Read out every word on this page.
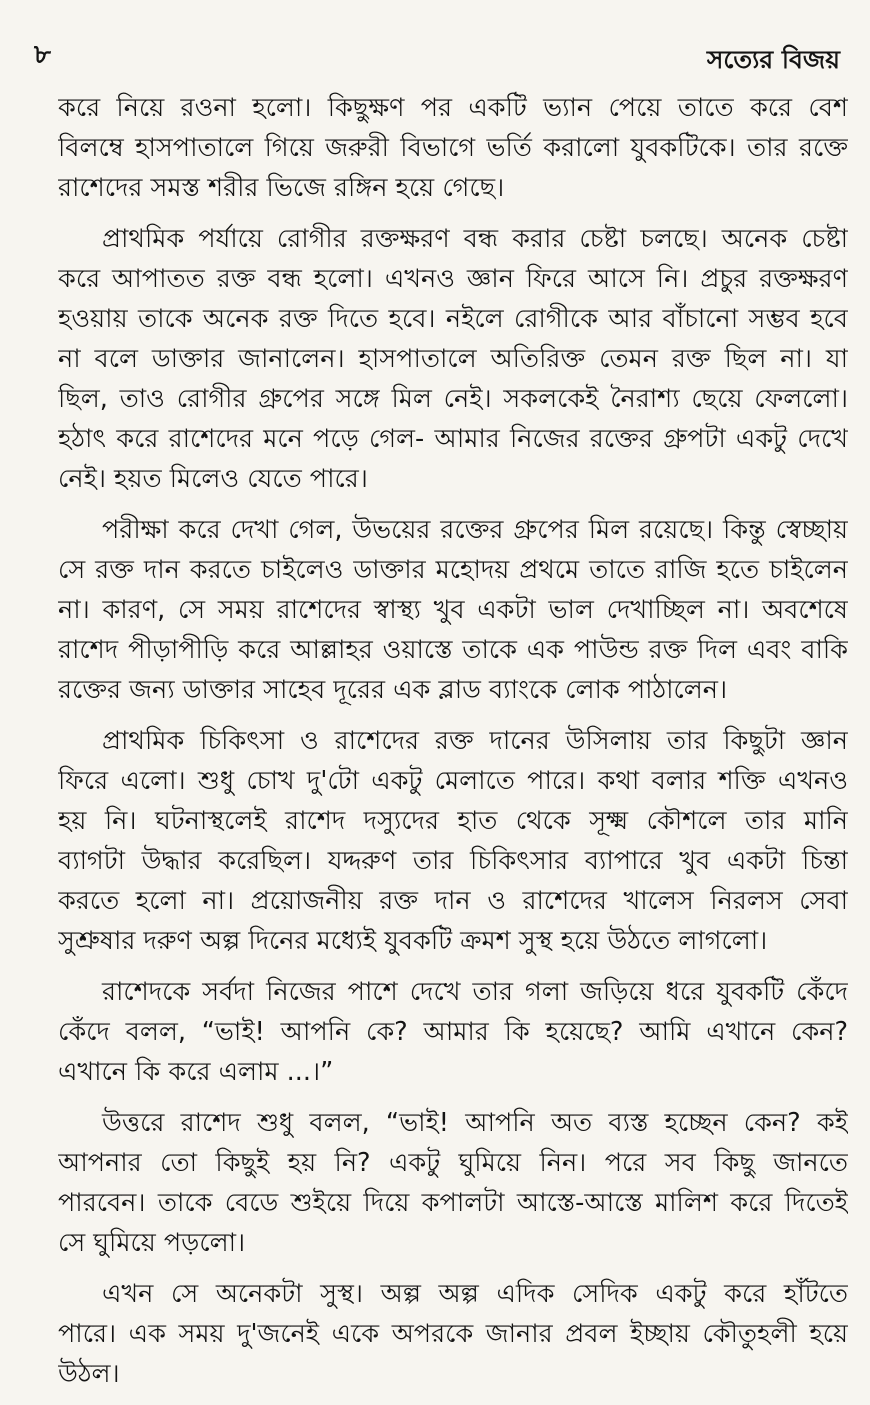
৮	সত্যের বিজয়
করে নিয়ে রওনা হলো। কিছুক্ষণ পর একটি ভ্যান পেয়ে তাতে করে বেশ
বিলম্বে হাসপাতালে গিয়ে জরুরী বিভাগে ভর্তি করালো যুবকটিকে। তার রক্তে
রাশেদের সমস্ত শরীর ভিজে রঙ্গিন হয়ে গেছে।
প্রাথমিক পর্যায়ে রোগীর রক্তক্ষরণ বন্ধ করার চেষ্টা চলছে। অনেক চেষ্টা
করে আপাতত রক্ত বন্ধ হলো। এখনও জ্ঞান ফিরে আসে নি। প্রচুর রক্তক্ষরণ
হওয়ায় তাকে অনেক রক্ত দিতে হবে। নইলে রোগীকে আর বাঁচানো সম্ভব হবে
না বলে ডাক্তার জানালেন। হাসপাতালে অতিরিক্ত তেমন রক্ত ছিল না। যা
ছিল, তাও রোগীর গ্রুপের সঙ্গে মিল নেই। সকলকেই নৈরাশ্য ছেয়ে ফেললো।
হঠাৎ করে রাশেদের মনে পড়ে গেল- আমার নিজের রক্তের গ্রুপটা একটু দেখে
নেই। হয়ত মিলেও যেতে পারে।
পরীক্ষা করে দেখা গেল, উভয়ের রক্তের গ্রুপের মিল রয়েছে। কিন্তু স্বেচ্ছায়
সে রক্ত দান করতে চাইলেও ডাক্তার মহোদয় প্রথমে তাতে রাজি হতে চাইলেন
না। কারণ, সে সময় রাশেদের স্বাস্থ্য খুব একটা ভাল দেখাচ্ছিল না। অবশেষে
রাশেদ পীড়াপীড়ি করে আল্লাহর ওয়াস্তে তাকে এক পাউন্ড রক্ত দিল এবং বাকি
রক্তের জন্য ডাক্তার সাহেব দূরের এক ব্লাড ব্যাংকে লোক পাঠালেন।
প্রাথমিক চিকিৎসা ও রাশেদের রক্ত দানের উসিলায় তার কিছুটা জ্ঞান
ফিরে এলো। শুধু চোখ দু'টো একটু মেলাতে পারে। কথা বলার শক্তি এখনও
হয় নি। ঘটনাস্থলেই রাশেদ দস্যুদের হাত থেকে সূক্ষ্ম কৌশলে তার মানি
ব্যাগটা উদ্ধার করেছিল। যদ্দরুণ তার চিকিৎসার ব্যাপারে খুব একটা চিন্তা
করতে হলো না। প্রয়োজনীয় রক্ত দান ও রাশেদের খালেস নিরলস সেবা
সুশ্রুষার দরুণ অল্প দিনের মধ্যেই যুবকটি ক্রমশ সুস্থ হয়ে উঠতে লাগলো।
রাশেদকে সর্বদা নিজের পাশে দেখে তার গলা জড়িয়ে ধরে যুবকটি কেঁদে
কেঁদে বলল, “ভাই! আপনি কে? আমার কি হয়েছে? আমি এখানে কেন?
এখানে কি করে এলাম ...।”
উত্তরে রাশেদ শুধু বলল, “ভাই! আপনি অত ব্যস্ত হচ্ছেন কেন? কই
আপনার তো কিছুই হয় নি? একটু ঘুমিয়ে নিন। পরে সব কিছু জানতে
পারবেন। তাকে বেডে শুইয়ে দিয়ে কপালটা আস্তে-আস্তে মালিশ করে দিতেই
সে ঘুমিয়ে পড়লো।
এখন সে অনেকটা সুস্থ। অল্প অল্প এদিক সেদিক একটু করে হাঁটতে
পারে। এক সময় দু'জনেই একে অপরকে জানার প্রবল ইচ্ছায় কৌতুহলী হয়ে
উঠল।
